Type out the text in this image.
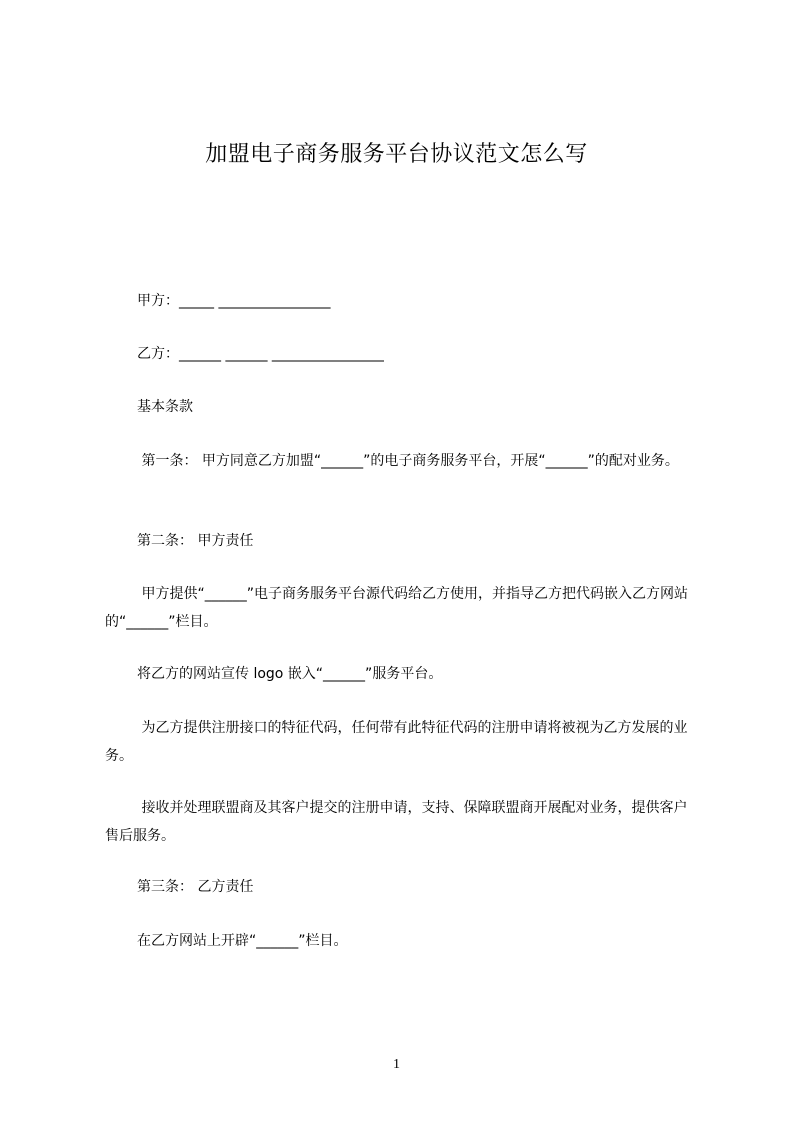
加盟电子商务服务平台协议范文怎么写
甲方：_____ ________________
乙方：______ ______ ________________
基本条款
第一条： 甲方同意乙方加盟“______”的电子商务服务平台，开展“______”的配对业务。
第二条： 甲方责任
甲方提供“______”电子商务服务平台源代码给乙方使用，并指导乙方把代码嵌入乙方网站的“______”栏目。
将乙方的网站宣传 logo 嵌入“______”服务平台。
为乙方提供注册接口的特征代码，任何带有此特征代码的注册申请将被视为乙方发展的业务。
接收并处理联盟商及其客户提交的注册申请，支持、保障联盟商开展配对业务，提供客户售后服务。
第三条： 乙方责任
在乙方网站上开辟“______”栏目。
1
